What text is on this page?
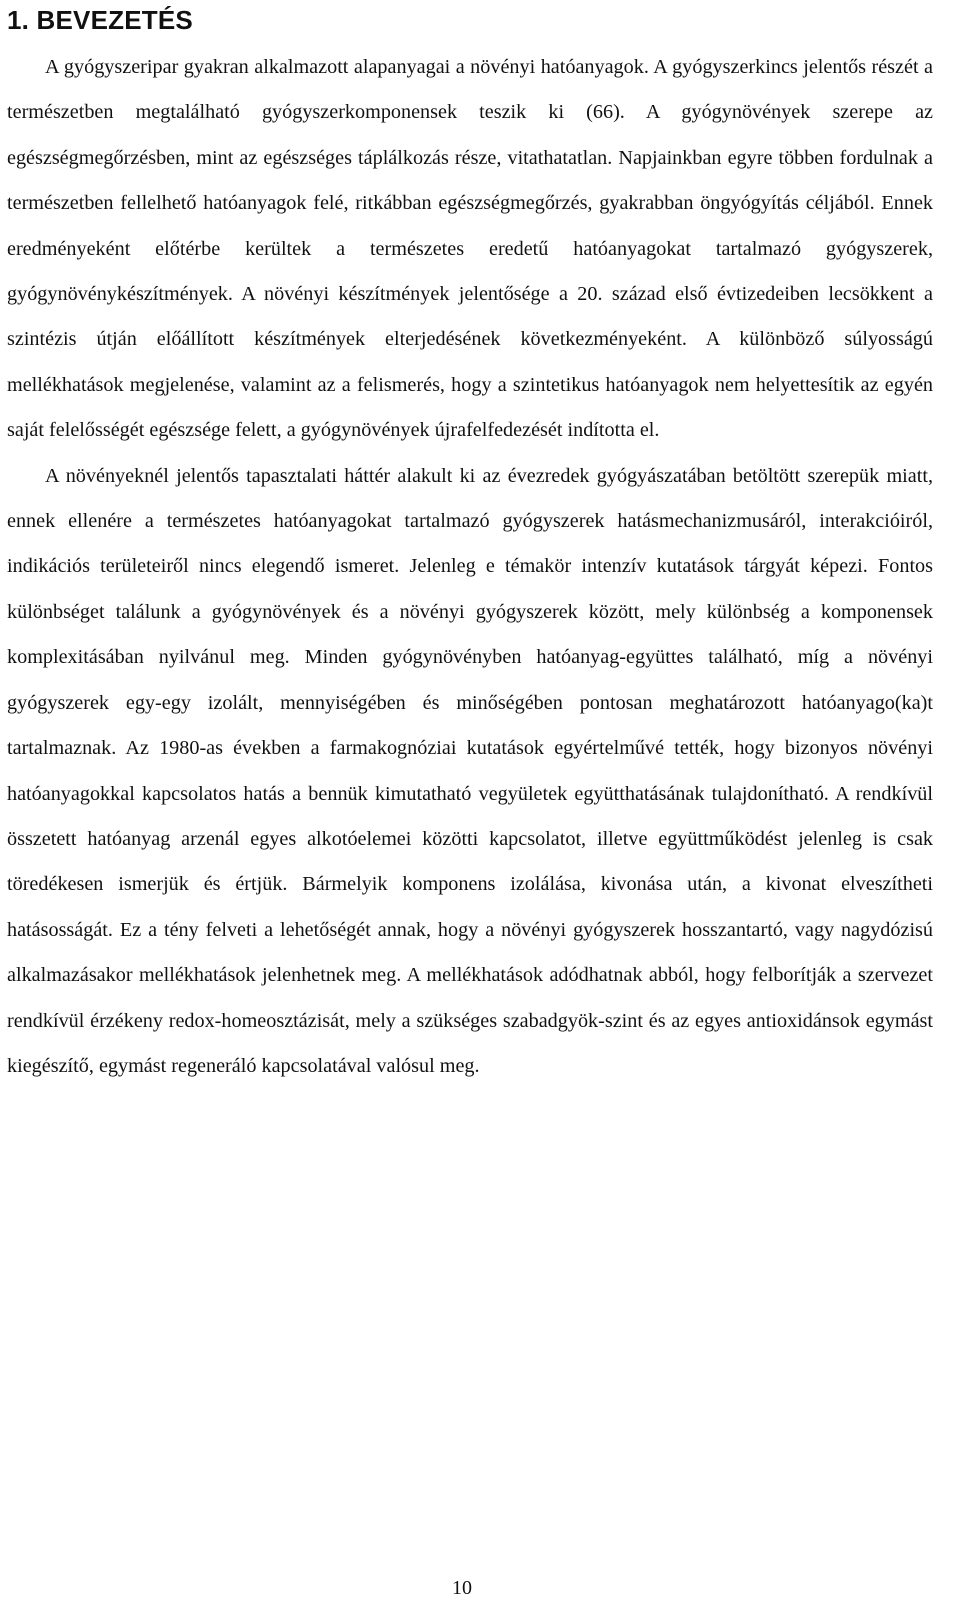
1. BEVEZETÉS

A gyógyszeripar gyakran alkalmazott alapanyagai a növényi hatóanyagok. A gyógyszerkincs jelentős részét a természetben megtalálható gyógyszerkomponensek teszik ki (66). A gyógynövények szerepe az egészségmegőrzésben, mint az egészséges táplálkozás része, vitathatatlan. Napjainkban egyre többen fordulnak a természetben fellelhető hatóanyagok felé, ritkábban egészségmegőrzés, gyakrabban öngyógyítás céljából. Ennek eredményeként előtérbe kerültek a természetes eredetű hatóanyagokat tartalmazó gyógyszerek, gyógynövénykészítmények. A növényi készítmények jelentősége a 20. század első évtizedeiben lecsökkent a szintézis útján előállított készítmények elterjedésének következményeként. A különböző súlyosságú mellékhatások megjelenése, valamint az a felismerés, hogy a szintetikus hatóanyagok nem helyettesítik az egyén saját felelősségét egészsége felett, a gyógynövények újrafelfedezését indította el.

A növényeknél jelentős tapasztalati háttér alakult ki az évezredek gyógyászatában betöltött szerepük miatt, ennek ellenére a természetes hatóanyagokat tartalmazó gyógyszerek hatásmechanizmusáról, interakcióiról, indikációs területeiről nincs elegendő ismeret. Jelenleg e témakör intenzív kutatások tárgyát képezi. Fontos különbséget találunk a gyógynövények és a növényi gyógyszerek között, mely különbség a komponensek komplexitásában nyilvánul meg. Minden gyógynövényben hatóanyag-együttes található, míg a növényi gyógyszerek egy-egy izolált, mennyiségében és minőségében pontosan meghatározott hatóanyago(ka)t tartalmaznak. Az 1980-as években a farmakognóziai kutatások egyértelművé tették, hogy bizonyos növényi hatóanyagokkal kapcsolatos hatás a bennük kimutatható vegyületek együtthatásának tulajdonítható. A rendkívül összetett hatóanyag arzenál egyes alkotóelemei közötti kapcsolatot, illetve együttműködést jelenleg is csak töredékesen ismerjük és értjük. Bármelyik komponens izolálása, kivonása után, a kivonat elveszítheti hatásosságát. Ez a tény felveti a lehetőségét annak, hogy a növényi gyógyszerek hosszantartó, vagy nagydózisú alkalmazásakor mellékhatások jelenhetnek meg. A mellékhatások adódhatnak abból, hogy felborítják a szervezet rendkívül érzékeny redox-homeosztázisát, mely a szükséges szabadgyök-szint és az egyes antioxidánsok egymást kiegészítő, egymást regeneráló kapcsolatával valósul meg.

10
